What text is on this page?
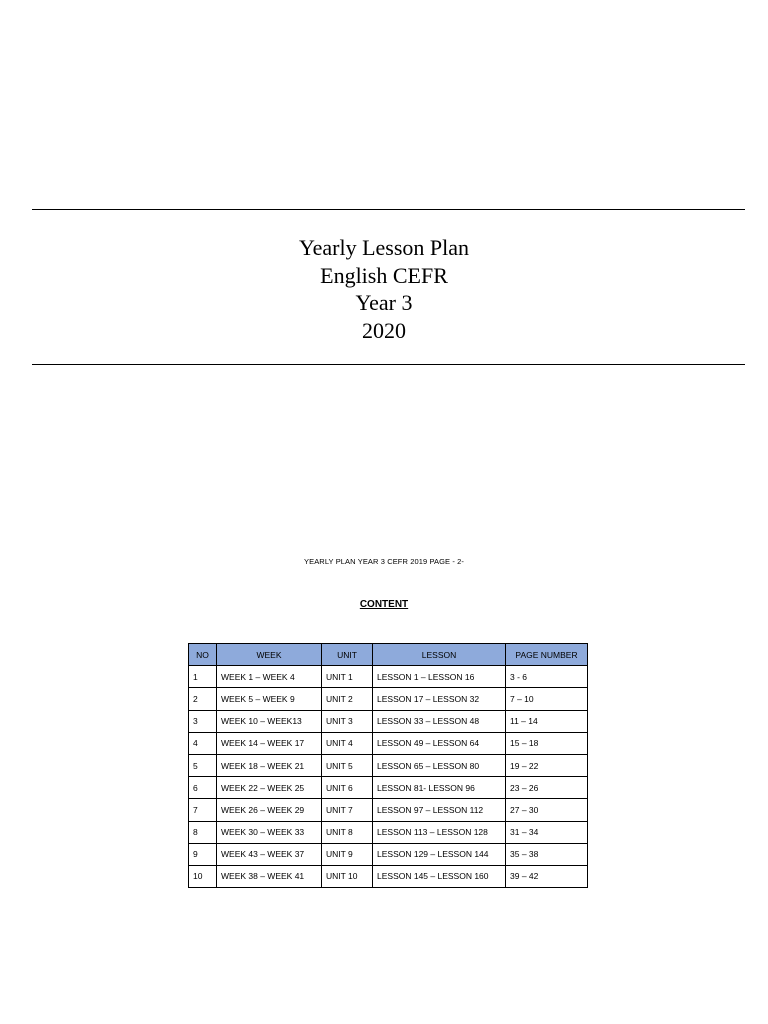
Yearly Lesson Plan
English CEFR
Year 3
2020
YEARLY PLAN YEAR 3 CEFR 2019 PAGE - 2-
CONTENT
NO	WEEK	UNIT	LESSON	PAGE NUMBER
1	WEEK 1 – WEEK 4	UNIT 1	LESSON 1 – LESSON 16	3 - 6
2	WEEK 5 – WEEK 9	UNIT 2	LESSON 17 – LESSON 32	7 – 10
3	WEEK 10 – WEEK13	UNIT 3	LESSON 33 – LESSON 48	11 – 14
4	WEEK 14 – WEEK 17	UNIT 4	LESSON 49 – LESSON 64	15 – 18
5	WEEK 18 – WEEK 21	UNIT 5	LESSON 65 – LESSON 80	19 – 22
6	WEEK 22 – WEEK 25	UNIT 6	LESSON 81- LESSON 96	23 – 26
7	WEEK 26 – WEEK 29	UNIT 7	LESSON 97 – LESSON 112	27 – 30
8	WEEK 30 – WEEK 33	UNIT 8	LESSON 113 – LESSON 128	31 – 34
9	WEEK 43 – WEEK 37	UNIT 9	LESSON 129 – LESSON 144	35 – 38
10	WEEK 38 – WEEK 41	UNIT 10	LESSON 145 – LESSON 160	39 – 42
